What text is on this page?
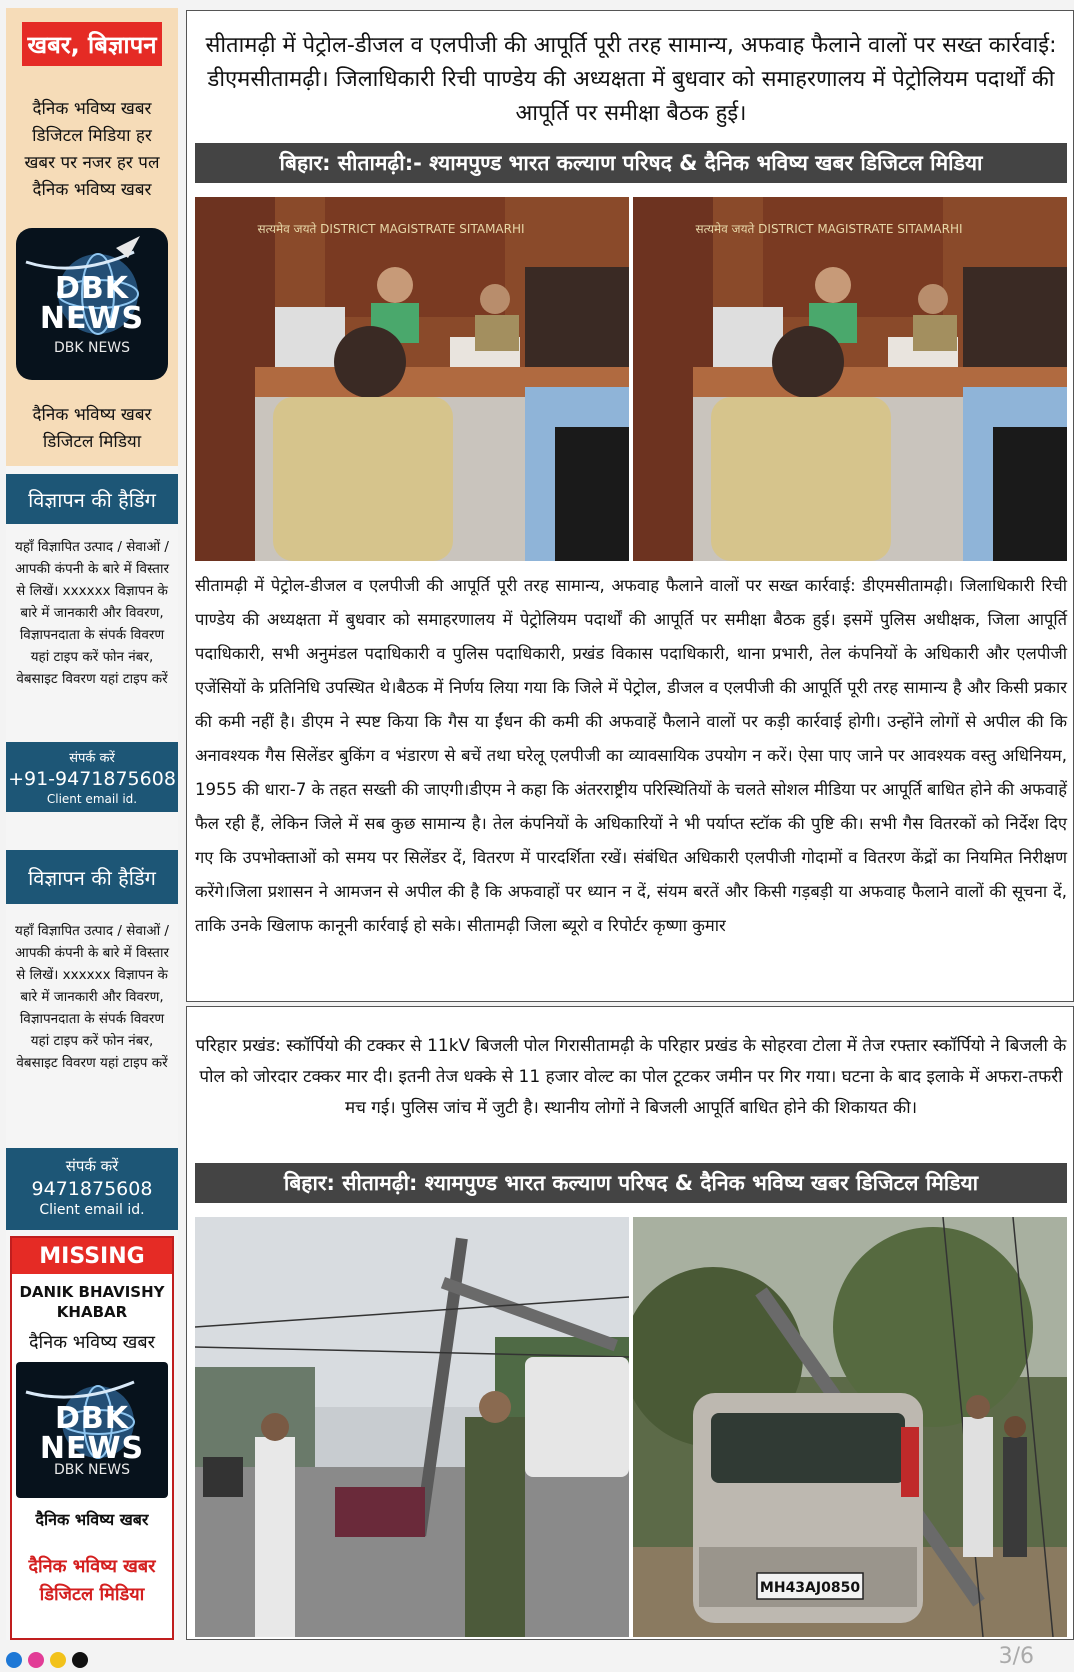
खबर, बिज्ञापन
दैनिक भविष्य खबर
डिजिटल मिडिया हर
खबर पर नजर हर पल
दैनिक भविष्य खबर
DBK NEWS
DBK NEWS
दैनिक भविष्य खबर
डिजिटल मिडिया
विज्ञापन की हैडिंग
यहाँ विज्ञापित उत्पाद / सेवाओं / आपकी कंपनी के बारे में विस्तार से लिखें। xxxxxx विज्ञापन के बारे में जानकारी और विवरण, विज्ञापनदाता के संपर्क विवरण यहां टाइप करें फोन नंबर, वेबसाइट विवरण यहां टाइप करें
संपर्क करें
+91-9471875608
Client email id.
विज्ञापन की हैडिंग
यहाँ विज्ञापित उत्पाद / सेवाओं / आपकी कंपनी के बारे में विस्तार से लिखें। xxxxxx विज्ञापन के बारे में जानकारी और विवरण, विज्ञापनदाता के संपर्क विवरण यहां टाइप करें फोन नंबर, वेबसाइट विवरण यहां टाइप करें
संपर्क करें
9471875608
Client email id.
MISSING
DANIK BHAVISHY
KHABAR
दैनिक भविष्य खबर
DBK NEWS
DBK NEWS
दैनिक भविष्य खबर
दैनिक भविष्य खबर
डिजिटल मिडिया
सीतामढ़ी में पेट्रोल-डीजल व एलपीजी की आपूर्ति पूरी तरह सामान्य, अफवाह फैलाने वालों पर सख्त कार्रवाई: डीएमसीतामढ़ी। जिलाधिकारी रिची पाण्डेय की अध्यक्षता में बुधवार को समाहरणालय में पेट्रोलियम पदार्थों की आपूर्ति पर समीक्षा बैठक हुई।
बिहार: सीतामढ़ी:- श्यामपुण्ड भारत कल्याण परिषद & दैनिक भविष्य खबर डिजिटल मिडिया
सत्यमेव जयते DISTRICT MAGISTRATE SITAMARHI	सत्यमेव जयते DISTRICT MAGISTRATE SITAMARHI
सीतामढ़ी में पेट्रोल-डीजल व एलपीजी की आपूर्ति पूरी तरह सामान्य, अफवाह फैलाने वालों पर सख्त कार्रवाई: डीएमसीतामढ़ी। जिलाधिकारी रिची पाण्डेय की अध्यक्षता में बुधवार को समाहरणालय में पेट्रोलियम पदार्थों की आपूर्ति पर समीक्षा बैठक हुई। इसमें पुलिस अधीक्षक, जिला आपूर्ति पदाधिकारी, सभी अनुमंडल पदाधिकारी व पुलिस पदाधिकारी, प्रखंड विकास पदाधिकारी, थाना प्रभारी, तेल कंपनियों के अधिकारी और एलपीजी एजेंसियों के प्रतिनिधि उपस्थित थे।बैठक में निर्णय लिया गया कि जिले में पेट्रोल, डीजल व एलपीजी की आपूर्ति पूरी तरह सामान्य है और किसी प्रकार की कमी नहीं है। डीएम ने स्पष्ट किया कि गैस या ईंधन की कमी की अफवाहें फैलाने वालों पर कड़ी कार्रवाई होगी। उन्होंने लोगों से अपील की कि अनावश्यक गैस सिलेंडर बुकिंग व भंडारण से बचें तथा घरेलू एलपीजी का व्यावसायिक उपयोग न करें। ऐसा पाए जाने पर आवश्यक वस्तु अधिनियम, 1955 की धारा-7 के तहत सख्ती की जाएगी।डीएम ने कहा कि अंतरराष्ट्रीय परिस्थितियों के चलते सोशल मीडिया पर आपूर्ति बाधित होने की अफवाहें फैल रही हैं, लेकिन जिले में सब कुछ सामान्य है। तेल कंपनियों के अधिकारियों ने भी पर्याप्त स्टॉक की पुष्टि की। सभी गैस वितरकों को निर्देश दिए गए कि उपभोक्ताओं को समय पर सिलेंडर दें, वितरण में पारदर्शिता रखें। संबंधित अधिकारी एलपीजी गोदामों व वितरण केंद्रों का नियमित निरीक्षण करेंगे।जिला प्रशासन ने आमजन से अपील की है कि अफवाहों पर ध्यान न दें, संयम बरतें और किसी गड़बड़ी या अफवाह फैलाने वालों की सूचना दें, ताकि उनके खिलाफ कानूनी कार्रवाई हो सके। सीतामढ़ी जिला ब्यूरो व रिपोर्टर कृष्णा कुमार
परिहार प्रखंड: स्कॉर्पियो की टक्कर से 11kV बिजली पोल गिरासीतामढ़ी के परिहार प्रखंड के सोहरवा टोला में तेज रफ्तार स्कॉर्पियो ने बिजली के पोल को जोरदार टक्कर मार दी। इतनी तेज धक्के से 11 हजार वोल्ट का पोल टूटकर जमीन पर गिर गया। घटना के बाद इलाके में अफरा-तफरी मच गई। पुलिस जांच में जुटी है। स्थानीय लोगों ने बिजली आपूर्ति बाधित होने की शिकायत की।
बिहार: सीतामढ़ी: श्यामपुण्ड भारत कल्याण परिषद & दैनिक भविष्य खबर डिजिटल मिडिया
MH43AJ0850
3/6
